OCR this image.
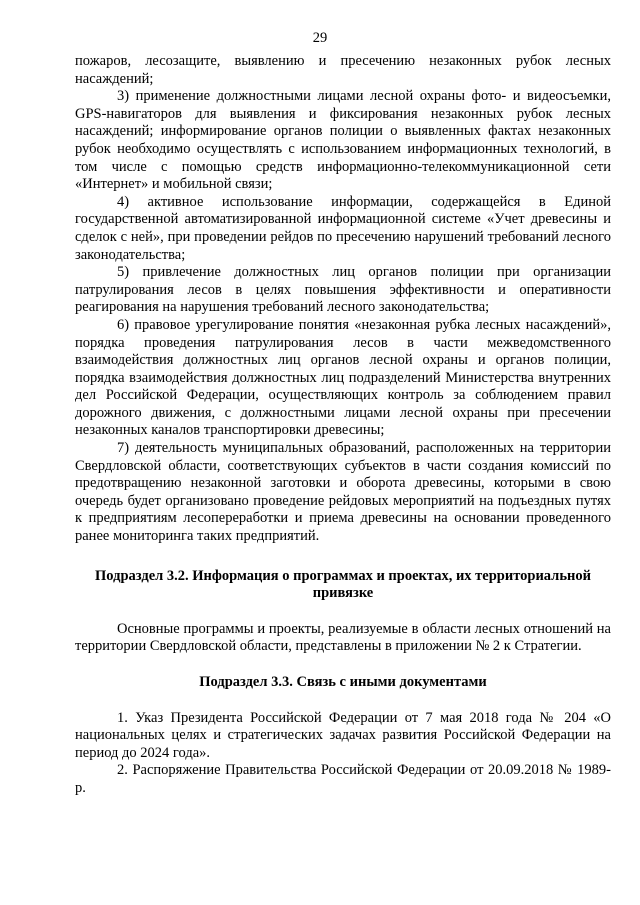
29

пожаров, лесозащите, выявлению и пресечению незаконных рубок лесных насаждений;

3) применение должностными лицами лесной охраны фото- и видеосъемки, GPS-навигаторов для выявления и фиксирования незаконных рубок лесных насаждений; информирование органов полиции о выявленных фактах незаконных рубок необходимо осуществлять с использованием информационных технологий, в том числе с помощью средств информационно-телекоммуникационной сети «Интернет» и мобильной связи;

4) активное использование информации, содержащейся в Единой государственной автоматизированной информационной системе «Учет древесины и сделок с ней», при проведении рейдов по пресечению нарушений требований лесного законодательства;

5) привлечение должностных лиц органов полиции при организации патрулирования лесов в целях повышения эффективности и оперативности реагирования на нарушения требований лесного законодательства;

6) правовое урегулирование понятия «незаконная рубка лесных насаждений», порядка проведения патрулирования лесов в части межведомственного взаимодействия должностных лиц органов лесной охраны и органов полиции, порядка взаимодействия должностных лиц подразделений Министерства внутренних дел Российской Федерации, осуществляющих контроль за соблюдением правил дорожного движения, с должностными лицами лесной охраны при пресечении незаконных каналов транспортировки древесины;

7) деятельность муниципальных образований, расположенных на территории Свердловской области, соответствующих субъектов в части создания комиссий по предотвращению незаконной заготовки и оборота древесины, которыми в свою очередь будет организовано проведение рейдовых мероприятий на подъездных путях к предприятиям лесопереработки и приема древесины на основании проведенного ранее мониторинга таких предприятий.

Подраздел 3.2. Информация о программах и проектах, их территориальной привязке

Основные программы и проекты, реализуемые в области лесных отношений на территории Свердловской области, представлены в приложении № 2 к Стратегии.

Подраздел 3.3. Связь с иными документами

1. Указ Президента Российской Федерации от 7 мая 2018 года № 204 «О национальных целях и стратегических задачах развития Российской Федерации на период до 2024 года».

2. Распоряжение Правительства Российской Федерации от 20.09.2018 № 1989-р.
